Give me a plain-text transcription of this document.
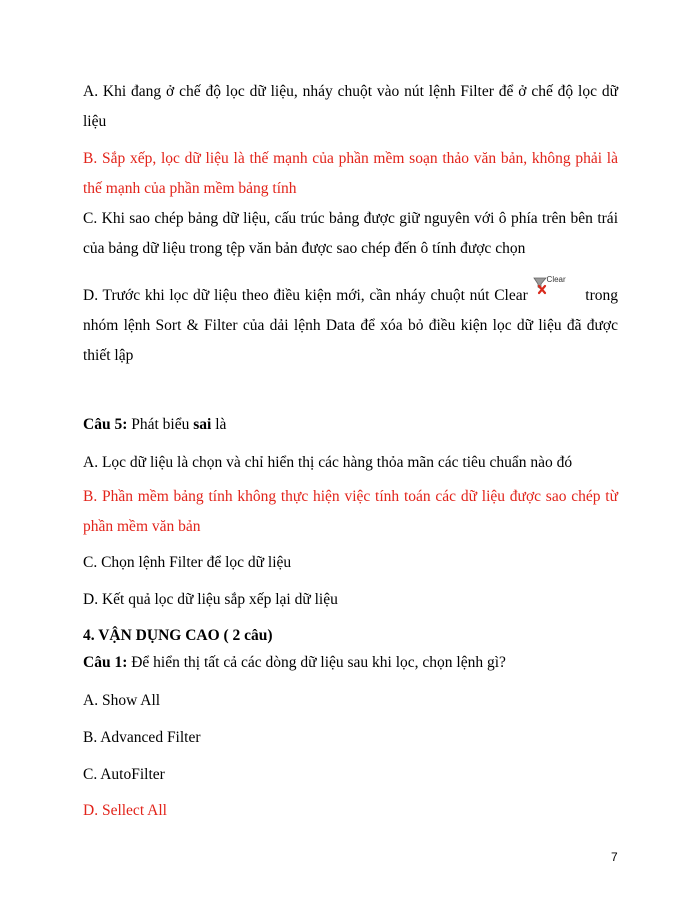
A. Khi đang ở chế độ lọc dữ liệu, nháy chuột vào nút lệnh Filter để ở chế độ lọc dữ liệu

B. Sắp xếp, lọc dữ liệu là thế mạnh của phần mềm soạn thảo văn bản, không phải là thế mạnh của phần mềm bảng tính

C. Khi sao chép bảng dữ liệu, cấu trúc bảng được giữ nguyên với ô phía trên bên trái của bảng dữ liệu trong tệp văn bản được sao chép đến ô tính được chọn

D. Trước khi lọc dữ liệu theo điều kiện mới, cần nháy chuột nút Clear
Clear
trong nhóm lệnh Sort & Filter của dải lệnh Data để xóa bỏ điều kiện lọc dữ liệu đã được thiết lập

Câu 5: Phát biểu sai là
A. Lọc dữ liệu là chọn và chỉ hiển thị các hàng thỏa mãn các tiêu chuẩn nào đó

B. Phần mềm bảng tính không thực hiện việc tính toán các dữ liệu được sao chép từ phần mềm văn bản

C. Chọn lệnh Filter để lọc dữ liệu
D. Kết quả lọc dữ liệu sắp xếp lại dữ liệu
4. VẬN DỤNG CAO ( 2 câu)
Câu 1: Để hiển thị tất cả các dòng dữ liệu sau khi lọc, chọn lệnh gì?
A. Show All
B. Advanced Filter
C. AutoFilter
D. Sellect All
7
